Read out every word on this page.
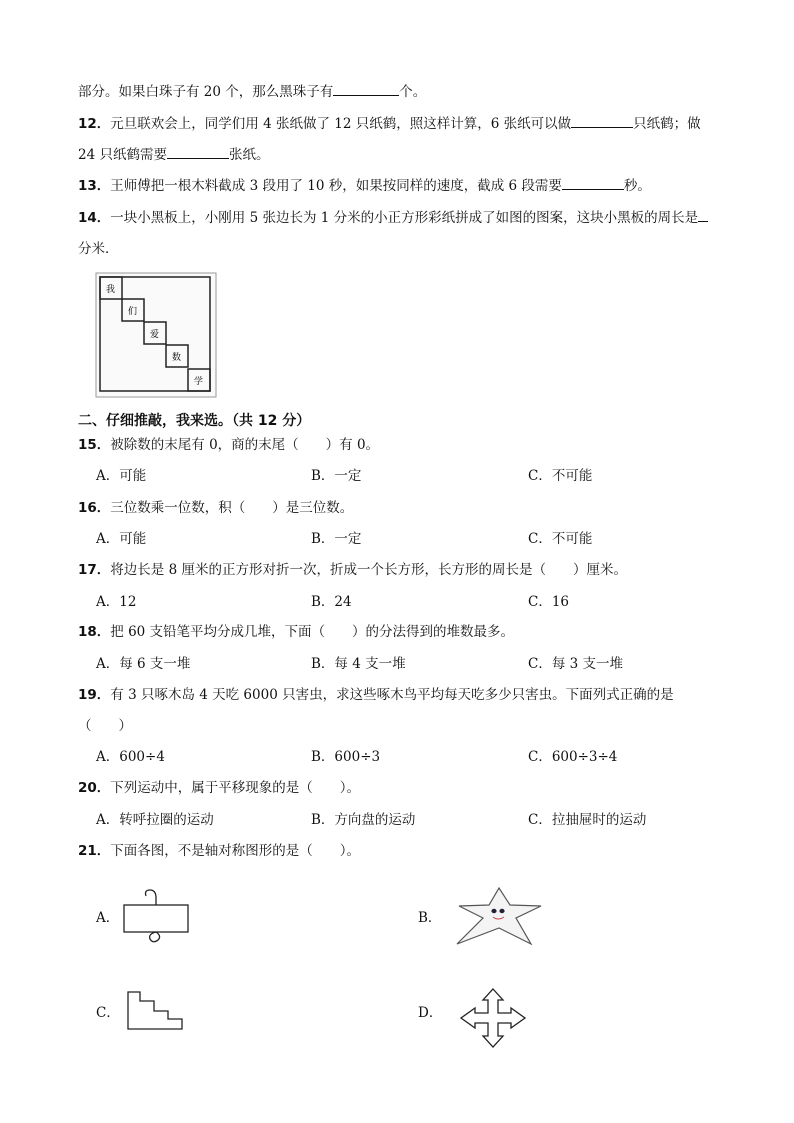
部分。如果白珠子有 20 个，那么黑珠子有	个。
12．元旦联欢会上，同学们用 4 张纸做了 12 只纸鹤，照这样计算，6 张纸可以做	只纸鹤；做
24 只纸鹤需要	张纸。
13．王师傅把一根木料截成 3 段用了 10 秒，如果按同样的速度，截成 6 段需要	秒。
14．一块小黑板上，小刚用 5 张边长为 1 分米的小正方形彩纸拼成了如图的图案，这块小黑板的周长是
分米．
我
们
爱
数
学
二、仔细推敲，我来选。（共 12 分）
15．被除数的末尾有 0，商的末尾（　　）有 0。
A．可能	B．一定	C．不可能
16．三位数乘一位数，积（　　）是三位数。
A．可能	B．一定	C．不可能
17．将边长是 8 厘米的正方形对折一次，折成一个长方形，长方形的周长是（　　）厘米。
A．12	B．24	C．16
18．把 60 支铅笔平均分成几堆，下面（　　）的分法得到的堆数最多。
A．每 6 支一堆	B．每 4 支一堆	C．每 3 支一堆
19．有 3 只啄木岛 4 天吃 6000 只害虫，求这些啄木鸟平均每天吃多少只害虫。下面列式正确的是
（　　）
A．600÷4	B．600÷3	C．600÷3÷4
20．下列运动中，属于平移现象的是（　　）。
A．转呼拉圈的运动	B．方向盘的运动	C．拉抽屉时的运动
21．下面各图，不是轴对称图形的是（　　）。
A．	B．
C．	D．
